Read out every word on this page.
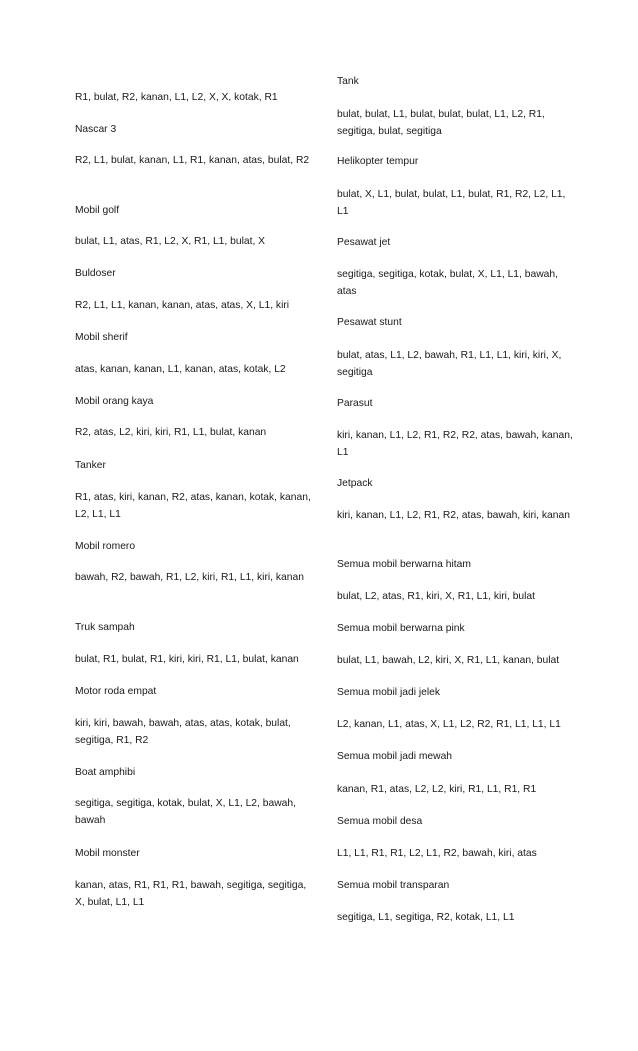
R1, bulat, R2, kanan, L1, L2, X, X, kotak, R1
Nascar 3
R2, L1, bulat, kanan, L1, R1, kanan, atas, bulat, R2
Mobil golf
bulat, L1, atas, R1, L2, X, R1, L1, bulat, X
Buldoser
R2, L1, L1, kanan, kanan, atas, atas, X, L1, kiri
Mobil sherif
atas, kanan, kanan, L1, kanan, atas, kotak, L2
Mobil orang kaya
R2, atas, L2, kiri, kiri, R1, L1, bulat, kanan
Tanker
R1, atas, kiri, kanan, R2, atas, kanan, kotak, kanan, L2, L1, L1
Mobil romero
bawah, R2, bawah, R1, L2, kiri, R1, L1, kiri, kanan
Truk sampah
bulat, R1, bulat, R1, kiri, kiri, R1, L1, bulat, kanan
Motor roda empat
kiri, kiri, bawah, bawah, atas, atas, kotak, bulat, segitiga, R1, R2
Boat amphibi
segitiga, segitiga, kotak, bulat, X, L1, L2, bawah, bawah
Mobil monster
kanan, atas, R1, R1, R1, bawah, segitiga, segitiga, X, bulat, L1, L1
Tank
bulat, bulat, L1, bulat, bulat, bulat, L1, L2, R1, segitiga, bulat, segitiga
Helikopter tempur
bulat, X, L1, bulat, bulat, L1, bulat, R1, R2, L2, L1, L1
Pesawat jet
segitiga, segitiga, kotak, bulat, X, L1, L1, bawah, atas
Pesawat stunt
bulat, atas, L1, L2, bawah, R1, L1, L1, kiri, kiri, X, segitiga
Parasut
kiri, kanan, L1, L2, R1, R2, R2, atas, bawah, kanan, L1
Jetpack
kiri, kanan, L1, L2, R1, R2, atas, bawah, kiri, kanan
Semua mobil berwarna hitam
bulat, L2, atas, R1, kiri, X, R1, L1, kiri, bulat
Semua mobil berwarna pink
bulat, L1, bawah, L2, kiri, X, R1, L1, kanan, bulat
Semua mobil jadi jelek
L2, kanan, L1, atas, X, L1, L2, R2, R1, L1, L1, L1
Semua mobil jadi mewah
kanan, R1, atas, L2, L2, kiri, R1, L1, R1, R1
Semua mobil desa
L1, L1, R1, R1, L2, L1, R2, bawah, kiri, atas
Semua mobil transparan
segitiga, L1, segitiga, R2, kotak, L1, L1
